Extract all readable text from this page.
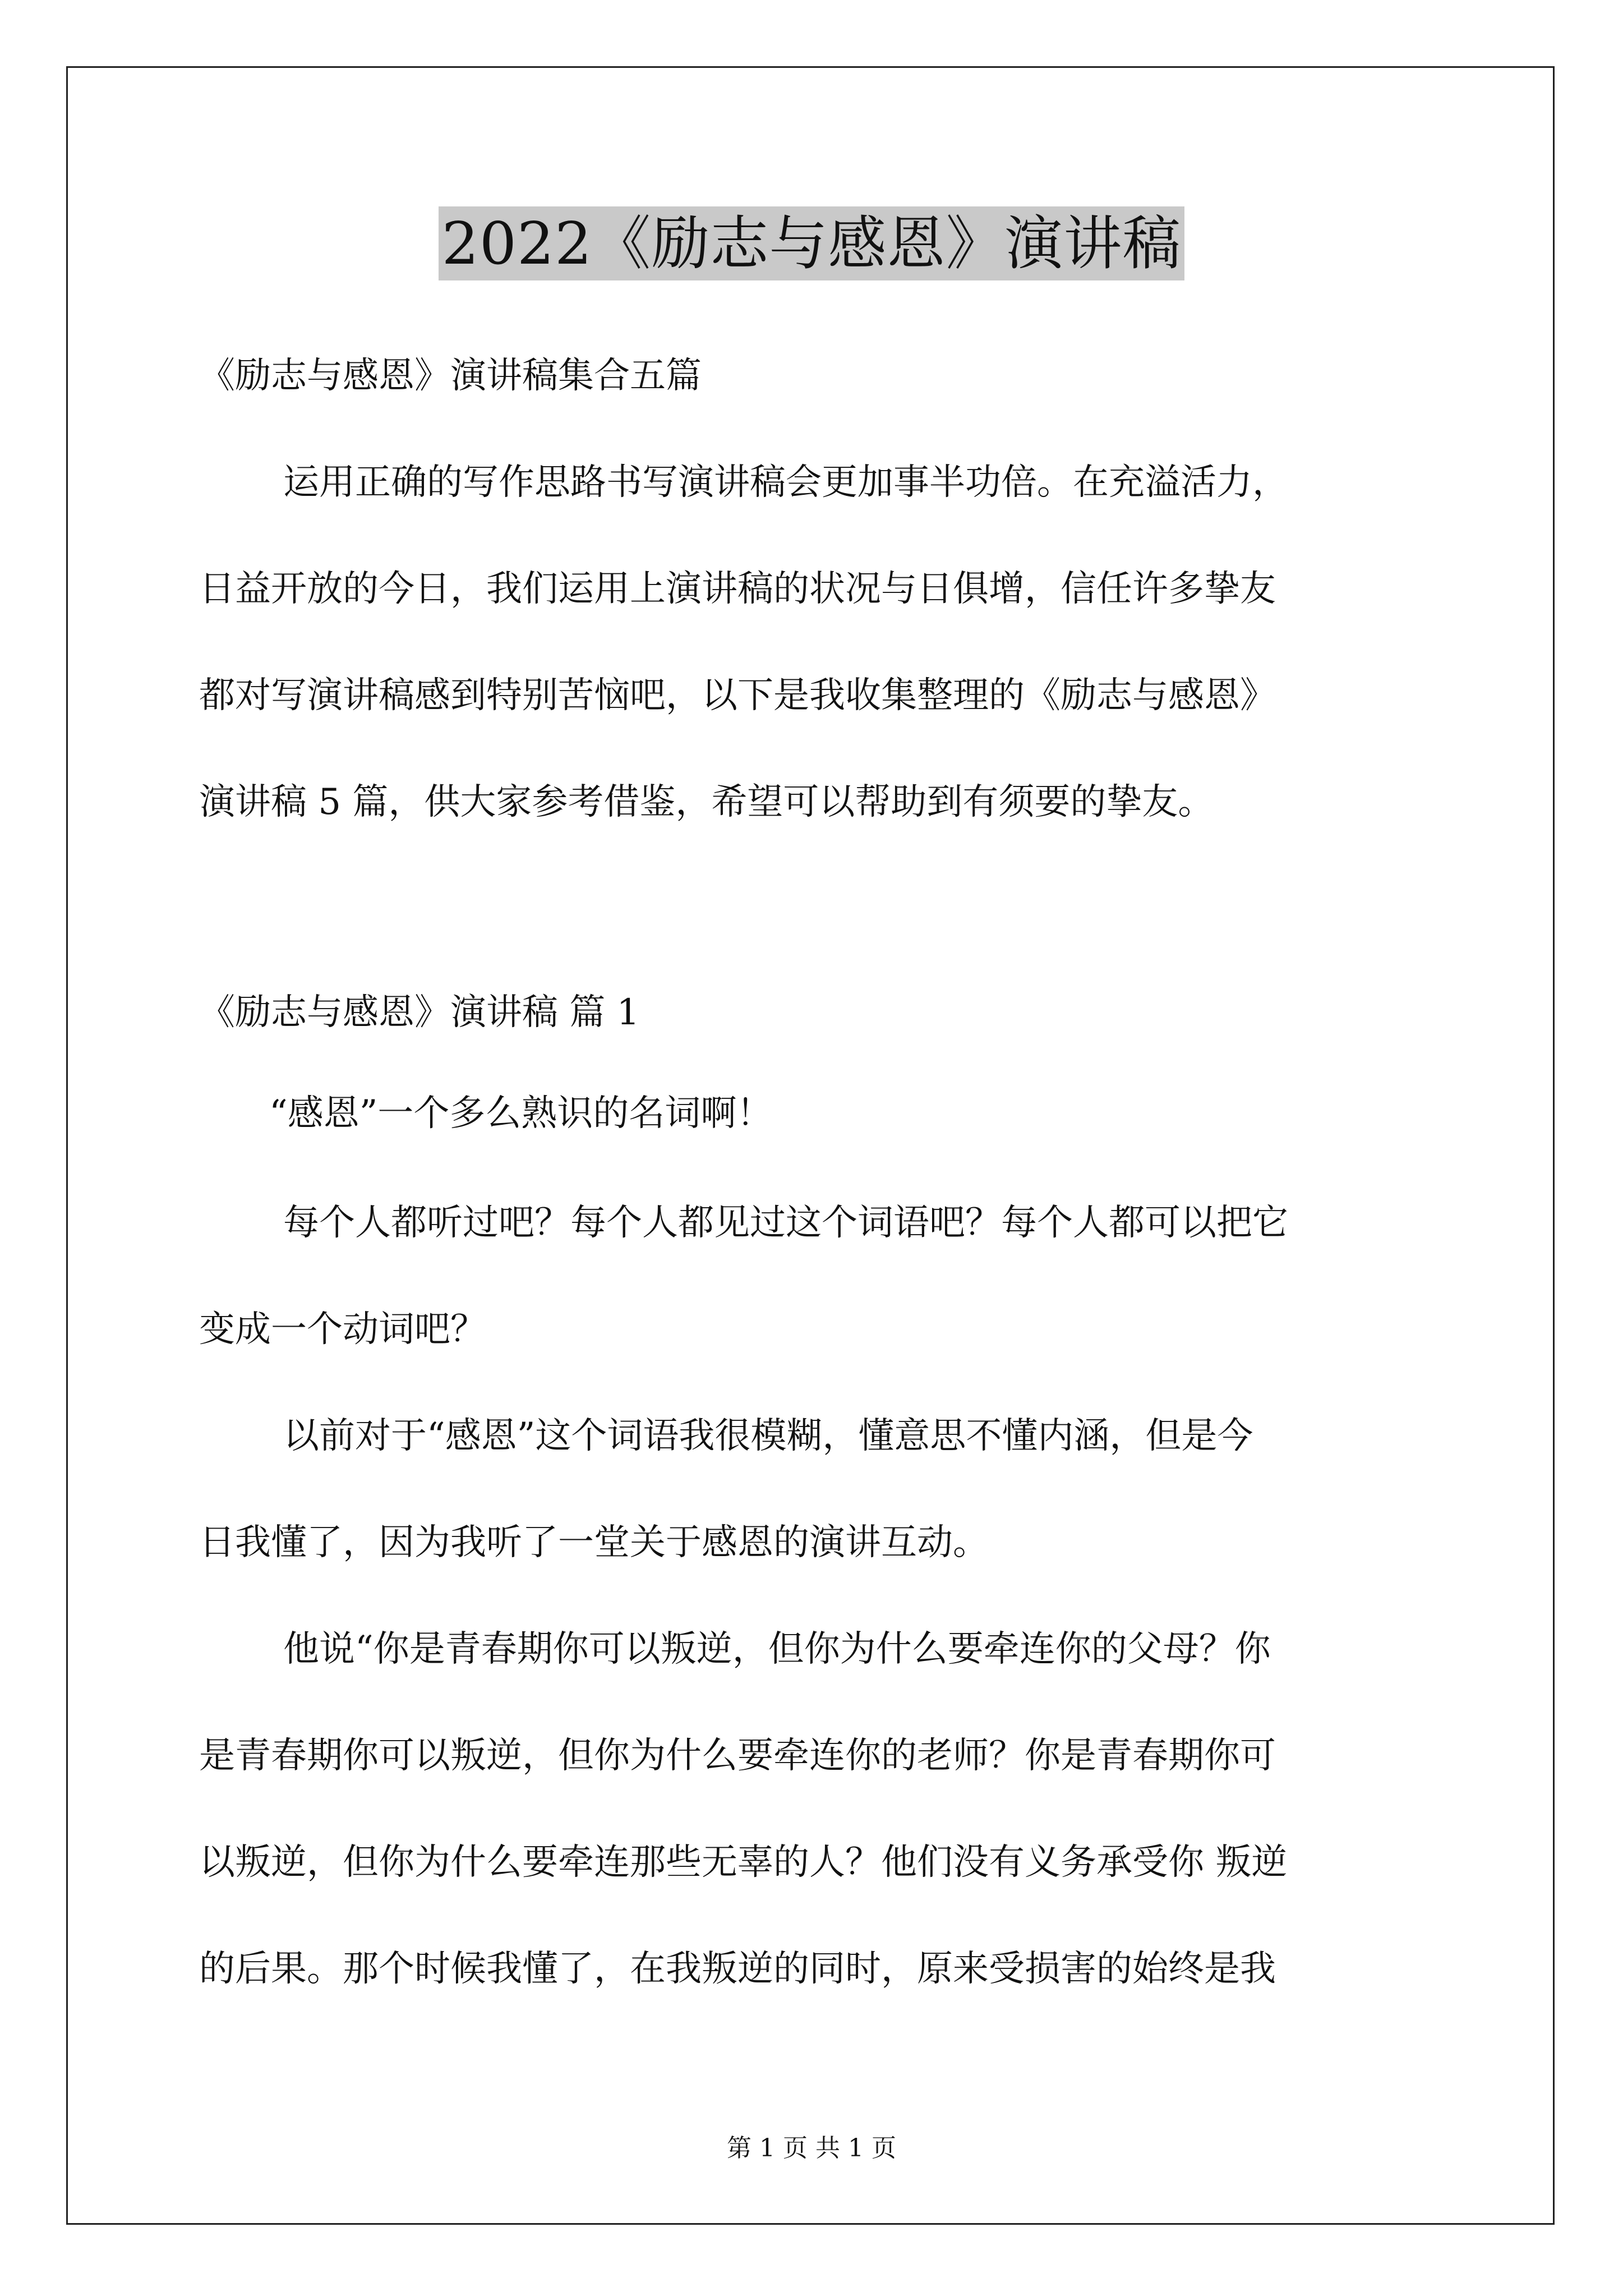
2022《励志与感恩》演讲稿
《励志与感恩》演讲稿集合五篇
运用正确的写作思路书写演讲稿会更加事半功倍。在充溢活力，
日益开放的今日，我们运用上演讲稿的状况与日俱增，信任许多挚友
都对写演讲稿感到特别苦恼吧，以下是我收集整理的《励志与感恩》
演讲稿 5 篇，供大家参考借鉴，希望可以帮助到有须要的挚友。
《励志与感恩》演讲稿 篇 1
“感恩”一个多么熟识的名词啊！
每个人都听过吧？每个人都见过这个词语吧？每个人都可以把它
变成一个动词吧？
以前对于“感恩”这个词语我很模糊，懂意思不懂内涵，但是今
日我懂了，因为我听了一堂关于感恩的演讲互动。
他说“你是青春期你可以叛逆，但你为什么要牵连你的父母？你
是青春期你可以叛逆，但你为什么要牵连你的老师？你是青春期你可
以叛逆，但你为什么要牵连那些无辜的人？他们没有义务承受你 叛逆
的后果。那个时候我懂了，在我叛逆的同时，原来受损害的始终是我
第 1 页 共 1 页
